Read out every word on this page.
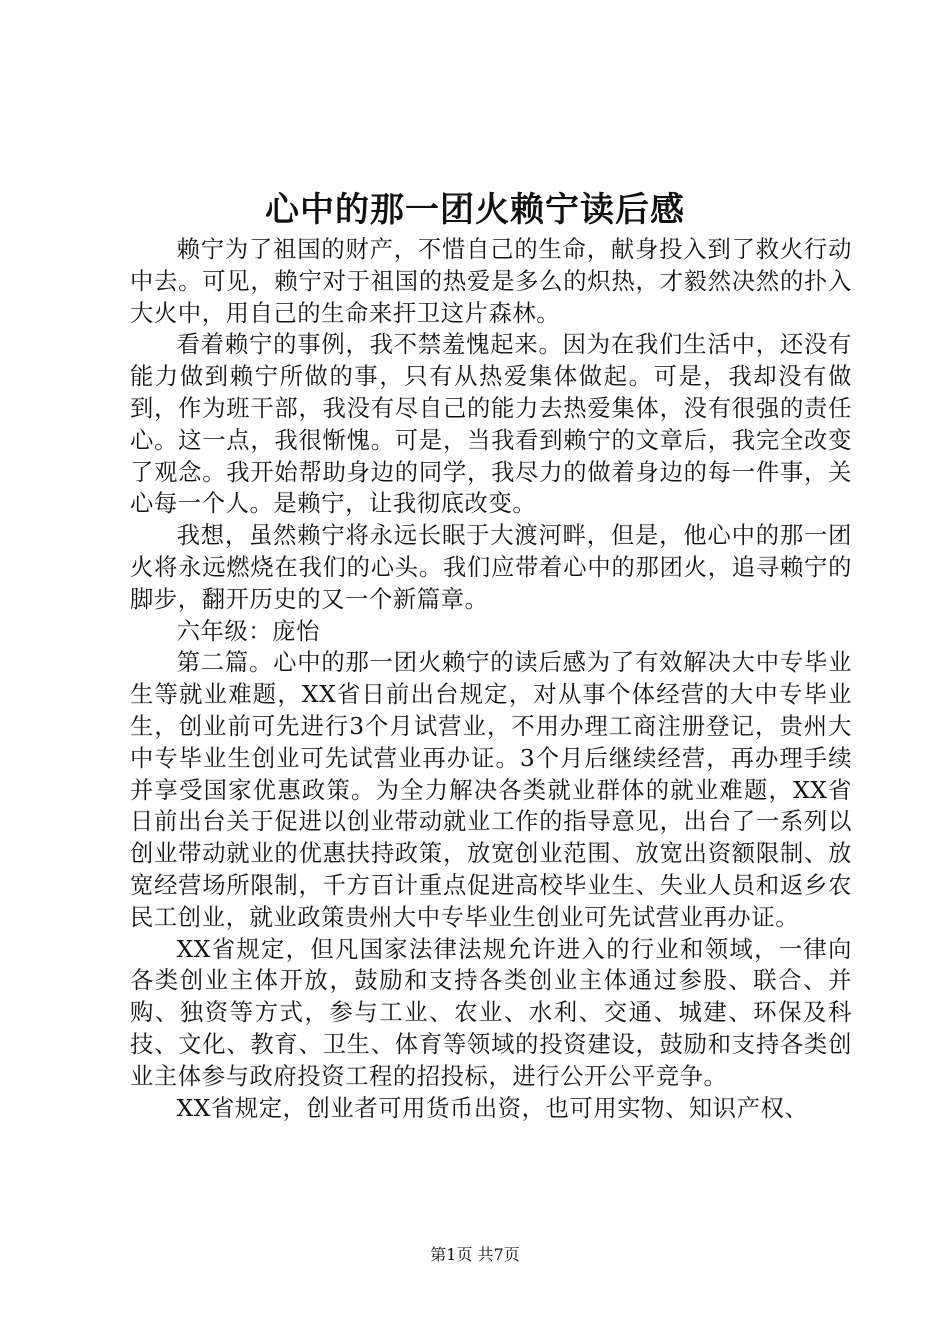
心中的那一团火赖宁读后感

赖宁为了祖国的财产，不惜自己的生命，献身投入到了救火行动中去。可见，赖宁对于祖国的热爱是多么的炽热，才毅然决然的扑入大火中，用自己的生命来扞卫这片森林。

看着赖宁的事例，我不禁羞愧起来。因为在我们生活中，还没有能力做到赖宁所做的事，只有从热爱集体做起。可是，我却没有做到，作为班干部，我没有尽自己的能力去热爱集体，没有很强的责任心。这一点，我很惭愧。可是，当我看到赖宁的文章后，我完全改变了观念。我开始帮助身边的同学，我尽力的做着身边的每一件事，关心每一个人。是赖宁，让我彻底改变。

我想，虽然赖宁将永远长眠于大渡河畔，但是，他心中的那一团火将永远燃烧在我们的心头。我们应带着心中的那团火，追寻赖宁的脚步，翻开历史的又一个新篇章。

六年级：庞怡

第二篇。心中的那一团火赖宁的读后感为了有效解决大中专毕业生等就业难题，XX省日前出台规定，对从事个体经营的大中专毕业生，创业前可先进行3个月试营业，不用办理工商注册登记，贵州大中专毕业生创业可先试营业再办证。3个月后继续经营，再办理手续并享受国家优惠政策。为全力解决各类就业群体的就业难题，XX省日前出台关于促进以创业带动就业工作的指导意见，出台了一系列以创业带动就业的优惠扶持政策，放宽创业范围、放宽出资额限制、放宽经营场所限制，千方百计重点促进高校毕业生、失业人员和返乡农民工创业，就业政策贵州大中专毕业生创业可先试营业再办证。

XX省规定，但凡国家法律法规允许进入的行业和领域，一律向各类创业主体开放，鼓励和支持各类创业主体通过参股、联合、并购、独资等方式，参与工业、农业、水利、交通、城建、环保及科技、文化、教育、卫生、体育等领域的投资建设，鼓励和支持各类创业主体参与政府投资工程的招投标，进行公开公平竞争。

XX省规定，创业者可用货币出资，也可用实物、知识产权、

第1页 共7页
